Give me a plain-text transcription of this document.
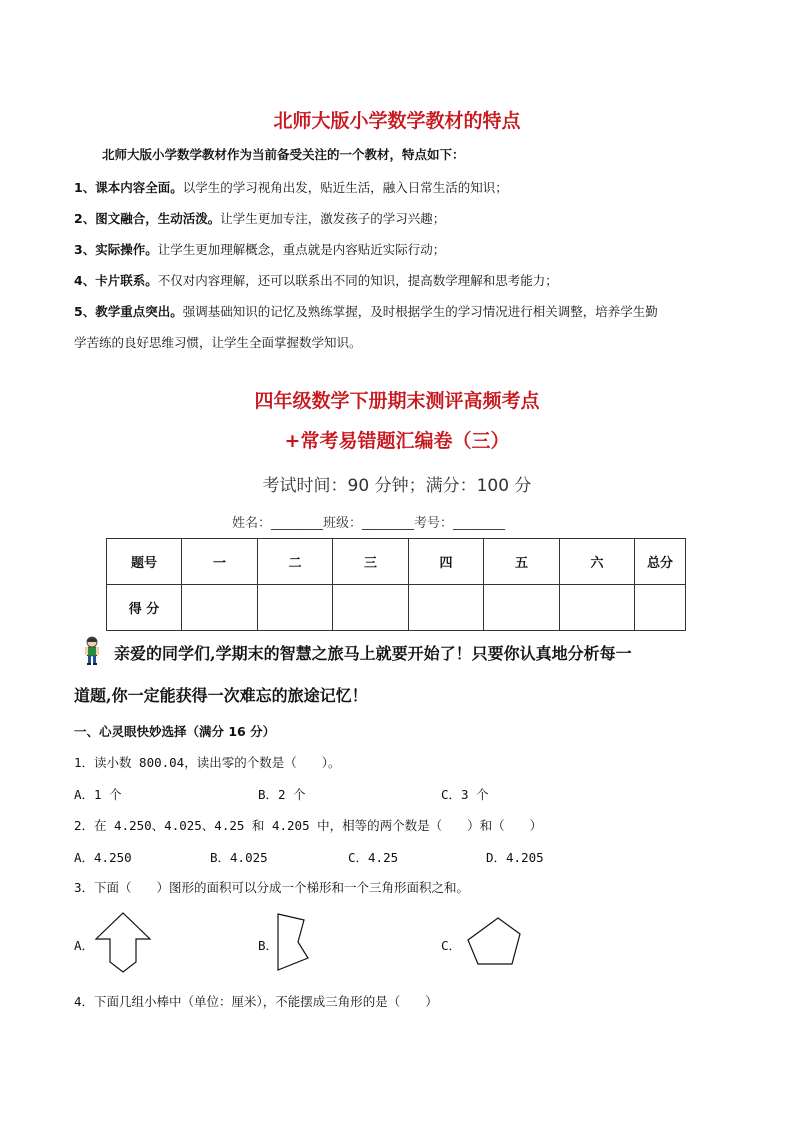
北师大版小学数学教材的特点
北师大版小学数学教材作为当前备受关注的一个教材，特点如下：
1、课本内容全面。以学生的学习视角出发，贴近生活，融入日常生活的知识；
2、图文融合，生动活泼。让学生更加专注，激发孩子的学习兴趣；
3、实际操作。让学生更加理解概念，重点就是内容贴近实际行动；
4、卡片联系。不仅对内容理解，还可以联系出不同的知识，提高数学理解和思考能力；
5、教学重点突出。强调基础知识的记忆及熟练掌握，及时根据学生的学习情况进行相关调整，培养学生勤
学苦练的良好思维习惯，让学生全面掌握数学知识。
四年级数学下册期末测评高频考点
+常考易错题汇编卷（三）
考试时间：90 分钟；满分：100 分
姓名：________班级：________考号：________
题号	一	二	三	四	五	六	总分
得 分							
亲爱的同学们,学期末的智慧之旅马上就要开始了！只要你认真地分析每一
道题,你一定能获得一次难忘的旅途记忆！
一、心灵眼快妙选择（满分 16 分）
1．读小数 800.04，读出零的个数是（　　）。
A．1 个	B．2 个	C．3 个
2．在 4.250、4.025、4.25 和 4.205 中，相等的两个数是（　　）和（　　）
A．4.250	B．4.025	C．4.25	D．4.205
3．下面（　　）图形的面积可以分成一个梯形和一个三角形面积之和。
A．	B．	C．
4．下面几组小棒中（单位：厘米），不能摆成三角形的是（　　）
